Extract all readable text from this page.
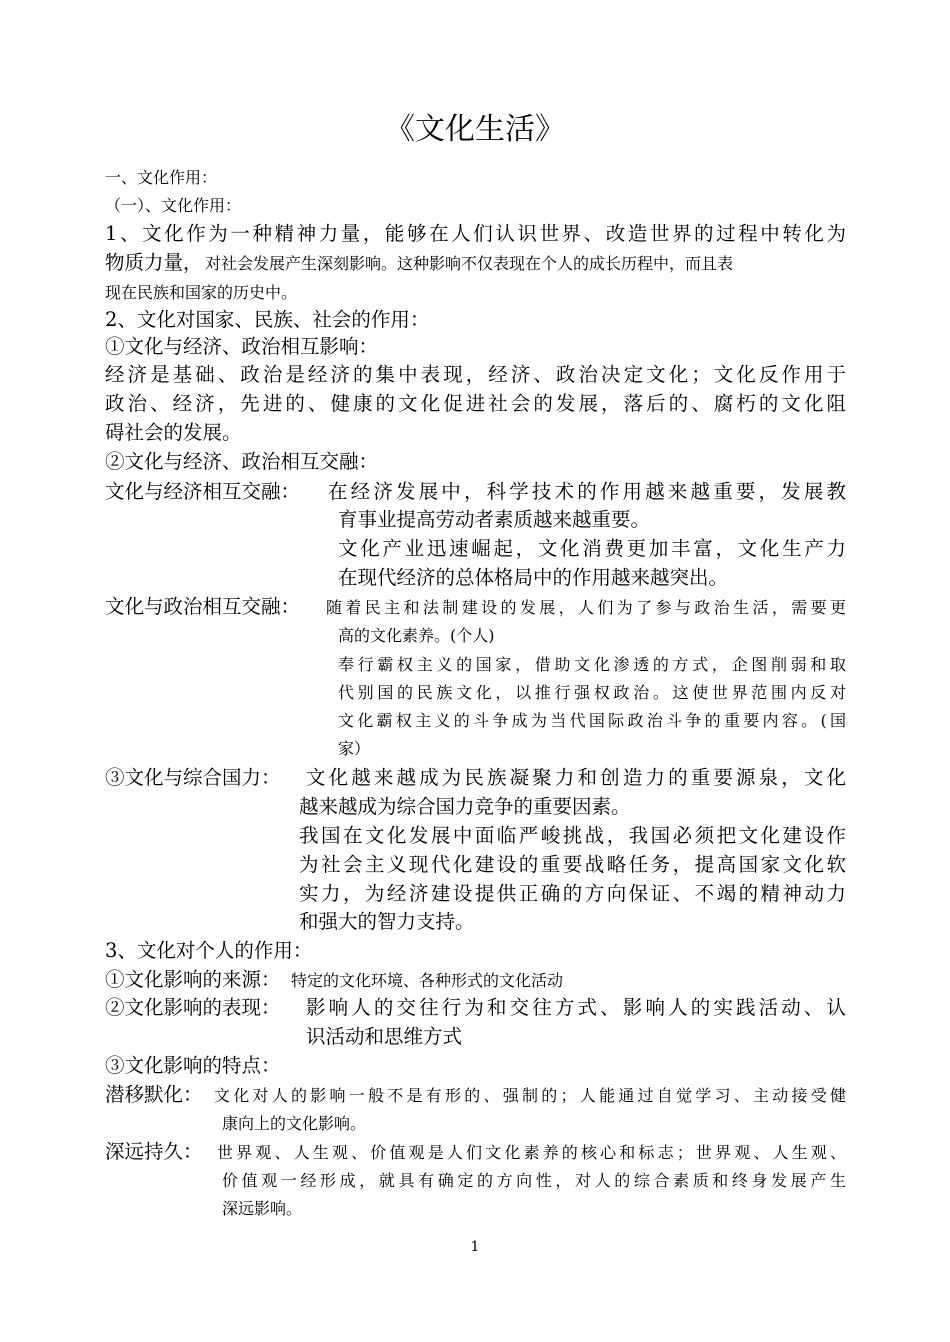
《文化生活》
一、文化作用：
（一）、文化作用：
1、文化作为一种精神力量，能够在人们认识世界、改造世界的过程中转化为
物质力量， 对社会发展产生深刻影响。这种影响不仅表现在个人的成长历程中，而且表
现在民族和国家的历史中。
2、文化对国家、民族、社会的作用：
①文化与经济、政治相互影响：
经济是基础、政治是经济的集中表现，经济、政治决定文化；文化反作用于
政治、经济，先进的、健康的文化促进社会的发展，落后的、腐朽的文化阻
碍社会的发展。
②文化与经济、政治相互交融：
文化与经济相互交融： 在经济发展中，科学技术的作用越来越重要，发展教
育事业提高劳动者素质越来越重要。
文化产业迅速崛起，文化消费更加丰富，文化生产力
在现代经济的总体格局中的作用越来越突出。
文化与政治相互交融： 随着民主和法制建设的发展，人们为了参与政治生活，需要更
高的文化素养。(个人)
奉行霸权主义的国家，借助文化渗透的方式，企图削弱和取
代别国的民族文化，以推行强权政治。这使世界范围内反对
文化霸权主义的斗争成为当代国际政治斗争的重要内容。(国
家）
③文化与综合国力： 文化越来越成为民族凝聚力和创造力的重要源泉，文化
越来越成为综合国力竞争的重要因素。
我国在文化发展中面临严峻挑战，我国必须把文化建设作
为社会主义现代化建设的重要战略任务，提高国家文化软
实力，为经济建设提供正确的方向保证、不竭的精神动力
和强大的智力支持。
3、文化对个人的作用：
①文化影响的来源： 特定的文化环境、各种形式的文化活动
②文化影响的表现： 影响人的交往行为和交往方式、影响人的实践活动、认
识活动和思维方式
③文化影响的特点：
潜移默化： 文化对人的影响一般不是有形的、强制的；人能通过自觉学习、主动接受健
康向上的文化影响。
深远持久： 世界观、人生观、价值观是人们文化素养的核心和标志；世界观、人生观、
价值观一经形成，就具有确定的方向性，对人的综合素质和终身发展产生
深远影响。
1
